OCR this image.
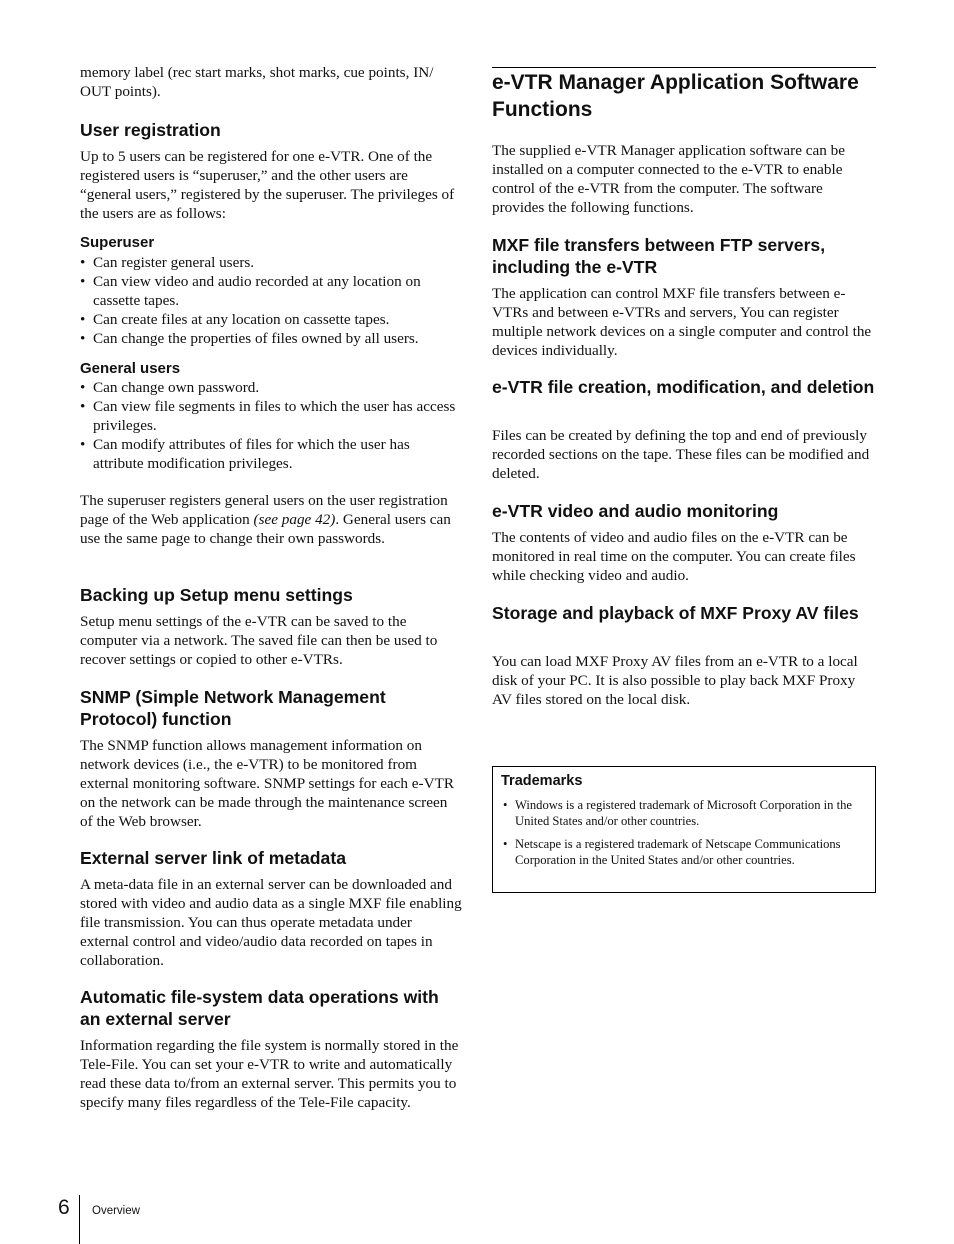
memory label (rec start marks, shot marks, cue points, IN/ OUT points).

User registration

Up to 5 users can be registered for one e-VTR. One of the registered users is “superuser,” and the other users are “general users,” registered by the superuser. The privileges of the users are as follows:

Superuser
• Can register general users.
• Can view video and audio recorded at any location on cassette tapes.
• Can create files at any location on cassette tapes.
• Can change the properties of files owned by all users.
General users
• Can change own password.
• Can view file segments in files to which the user has access privileges.
• Can modify attributes of files for which the user has attribute modification privileges.

The superuser registers general users on the user registration page of the Web application (see page 42). General users can use the same page to change their own passwords.

Backing up Setup menu settings

Setup menu settings of the e-VTR can be saved to the computer via a network. The saved file can then be used to recover settings or copied to other e-VTRs.

SNMP (Simple Network Management Protocol) function

The SNMP function allows management information on network devices (i.e., the e-VTR) to be monitored from external monitoring software. SNMP settings for each e-VTR on the network can be made through the maintenance screen of the Web browser.

External server link of metadata

A meta-data file in an external server can be downloaded and stored with video and audio data as a single MXF file enabling file transmission. You can thus operate metadata under external control and video/audio data recorded on tapes in collaboration.

Automatic file-system data operations with an external server

Information regarding the file system is normally stored in the Tele-File. You can set your e-VTR to write and automatically read these data to/from an external server. This permits you to specify many files regardless of the Tele-File capacity.

e-VTR Manager Application Software Functions

The supplied e-VTR Manager application software can be installed on a computer connected to the e-VTR to enable control of the e-VTR from the computer. The software provides the following functions.

MXF file transfers between FTP servers, including the e-VTR

The application can control MXF file transfers between e-VTRs and between e-VTRs and servers, You can register multiple network devices on a single computer and control the devices individually.

e-VTR file creation, modification, and deletion

Files can be created by defining the top and end of previously recorded sections on the tape. These files can be modified and deleted.

e-VTR video and audio monitoring

The contents of video and audio files on the e-VTR can be monitored in real time on the computer. You can create files while checking video and audio.

Storage and playback of MXF Proxy AV files

You can load MXF Proxy AV files from an e-VTR to a local disk of your PC. It is also possible to play back MXF Proxy AV files stored on the local disk.

Trademarks
• Windows is a registered trademark of Microsoft Corporation in the United States and/or other countries.
• Netscape is a registered trademark of Netscape Communications Corporation in the United States and/or other countries.
6 Overview
